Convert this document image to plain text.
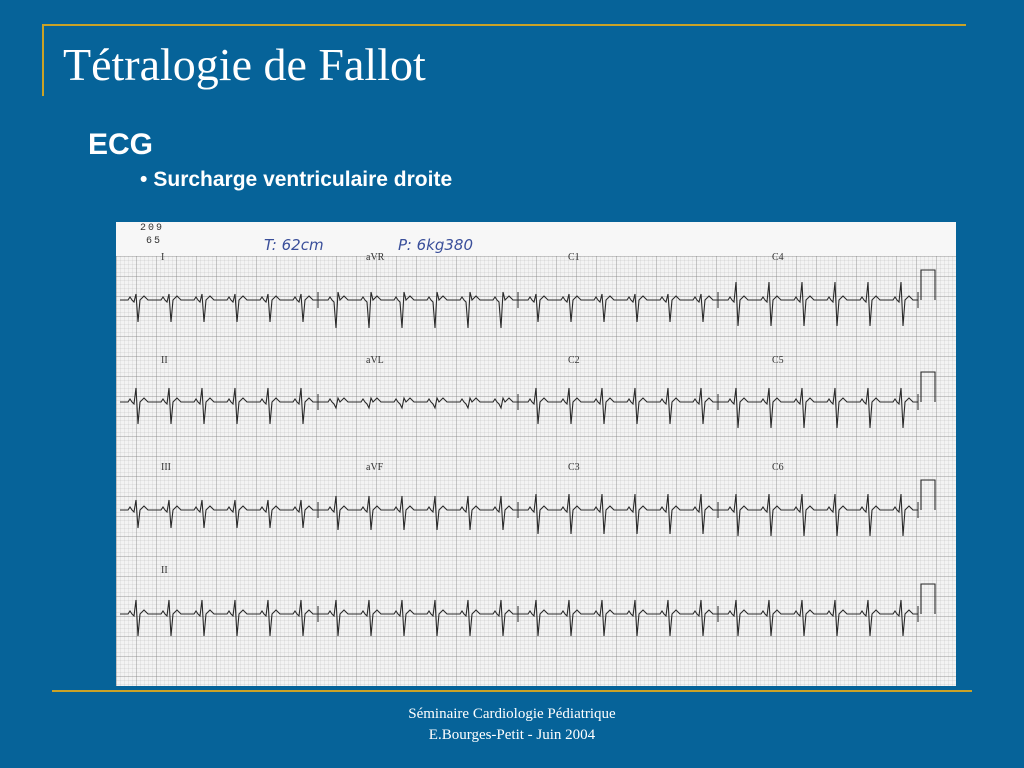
Tétralogie de Fallot
ECG
• Surcharge ventriculaire droite
209
65	T: 62cm	P: 6kg380
I	aVR	C1	C4
II	aVL	C2	C5
III	aVF	C3	C6
II
Séminaire Cardiologie Pédiatrique
E.Bourges-Petit - Juin 2004
